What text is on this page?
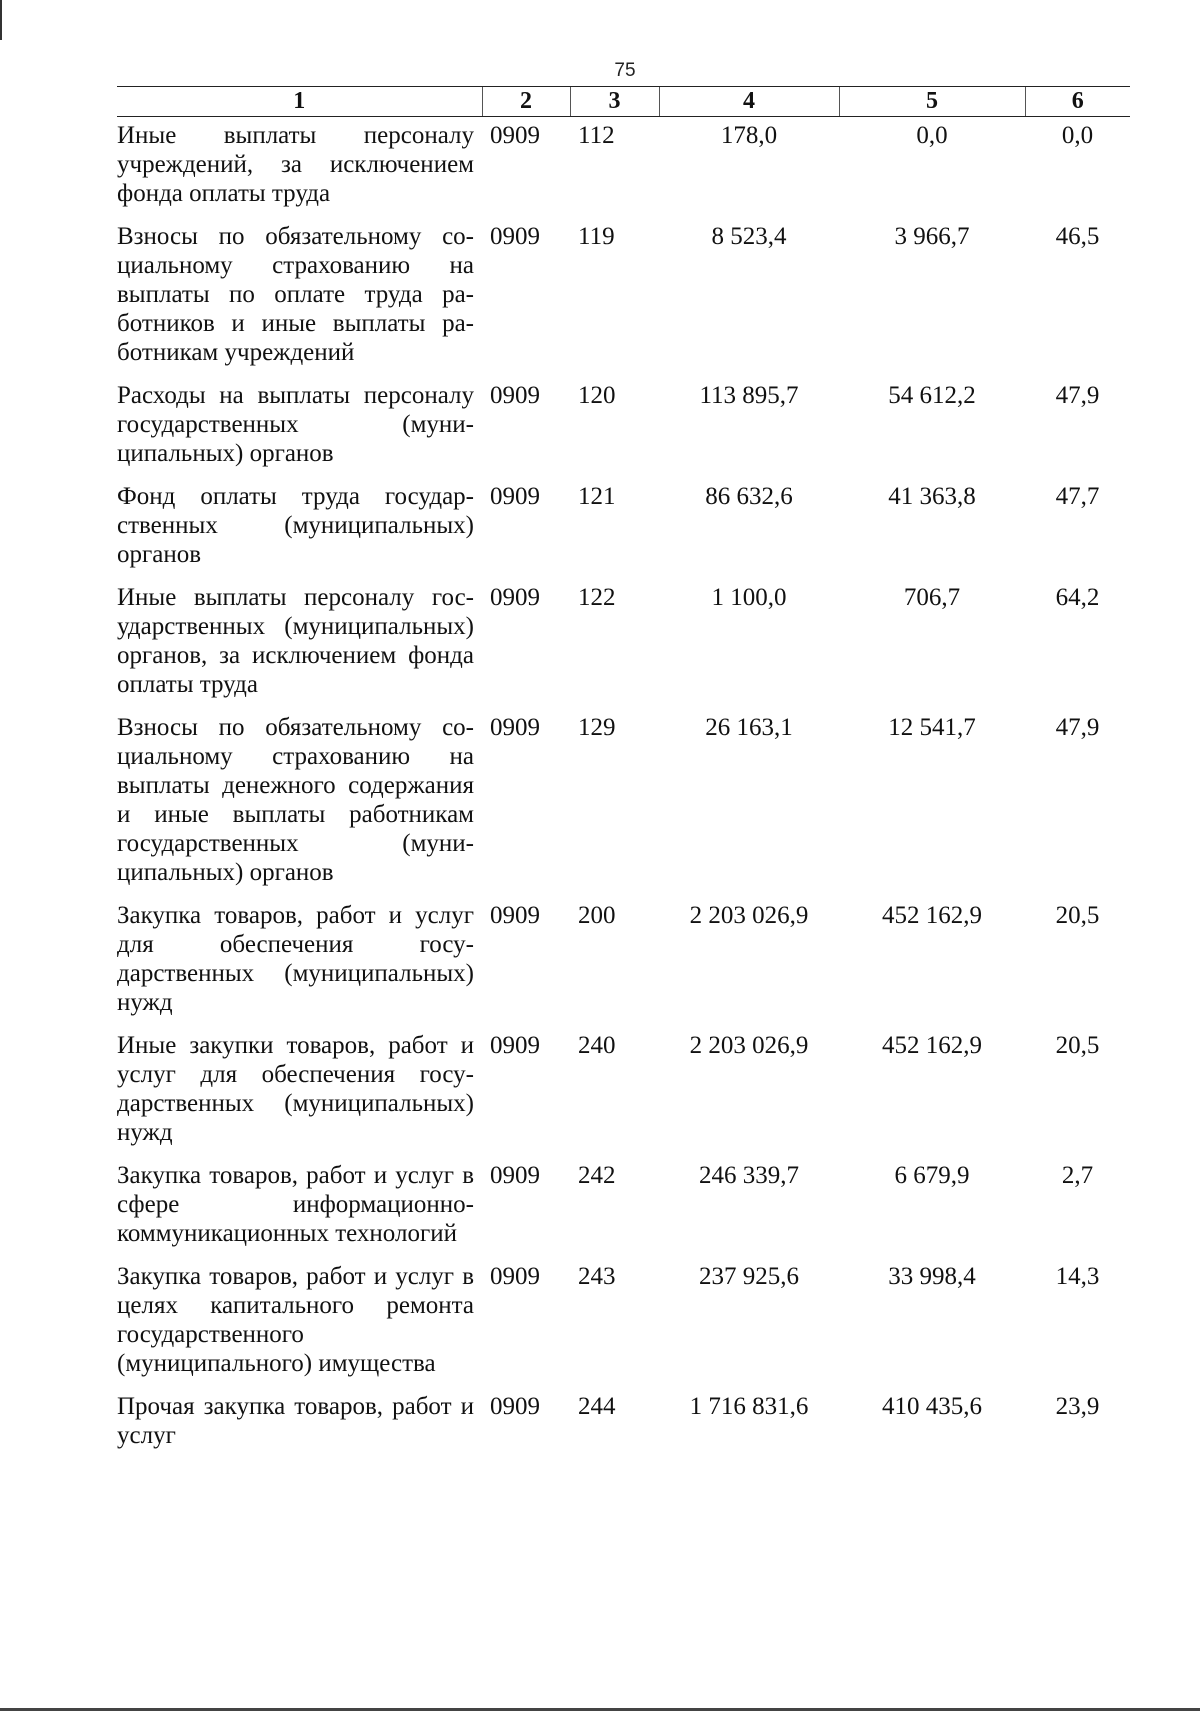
75
1	2	3	4	5	6
Иные выплаты персоналу учреждений, за исключением фонда оплаты труда	0909	112	178,0	0,0	0,0
Взносы по обязательному социальному страхованию на выплаты по оплате труда работников и иные выплаты работникам учреждений	0909	119	8 523,4	3 966,7	46,5
Расходы на выплаты персоналу государственных (муниципальных) органов	0909	120	113 895,7	54 612,2	47,9
Фонд оплаты труда государственных (муниципальных) органов	0909	121	86 632,6	41 363,8	47,7
Иные выплаты персоналу государственных (муниципальных) органов, за исключением фонда оплаты труда	0909	122	1 100,0	706,7	64,2
Взносы по обязательному социальному страхованию на выплаты денежного содержания и иные выплаты работникам государственных (муниципальных) органов	0909	129	26 163,1	12 541,7	47,9
Закупка товаров, работ и услуг для обеспечения государственных (муниципальных) нужд	0909	200	2 203 026,9	452 162,9	20,5
Иные закупки товаров, работ и услуг для обеспечения государственных (муниципальных) нужд	0909	240	2 203 026,9	452 162,9	20,5
Закупка товаров, работ и услуг в сфере информационно-коммуникационных технологий	0909	242	246 339,7	6 679,9	2,7
Закупка товаров, работ и услуг в целях капитального ремонта государственного (муниципального) имущества	0909	243	237 925,6	33 998,4	14,3
Прочая закупка товаров, работ и услуг	0909	244	1 716 831,6	410 435,6	23,9
